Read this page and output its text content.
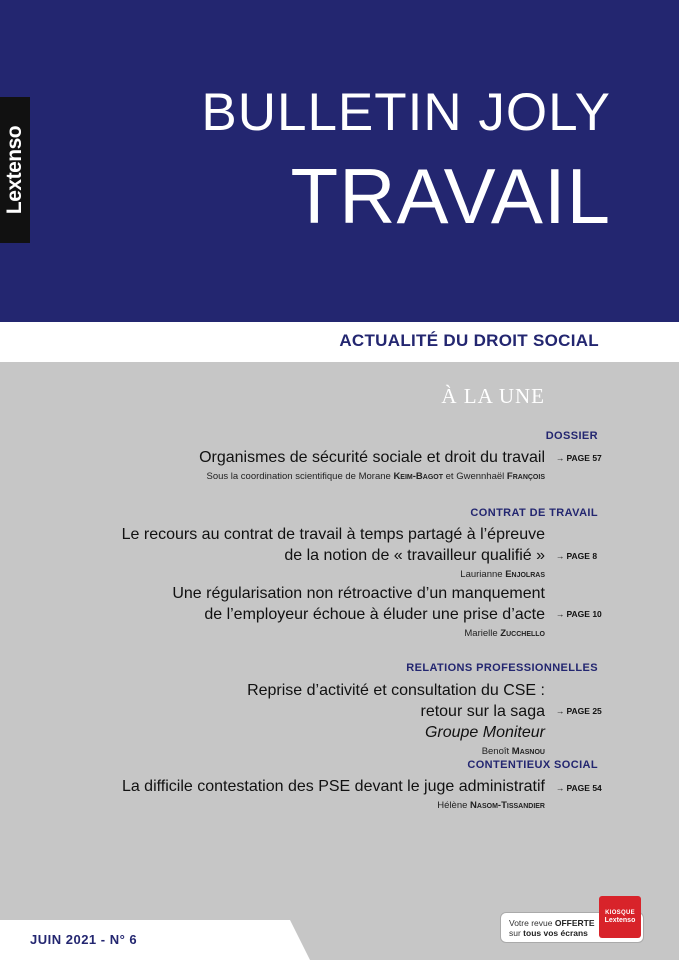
Lextenso
BULLETIN JOLY
TRAVAIL
ACTUALITÉ DU DROIT SOCIAL
À LA UNE
DOSSIER
Organismes de sécurité sociale et droit du travail
Sous la coordination scientifique de Morane Keim-Bagot et Gwennhaël François
→ PAGE 57
CONTRAT DE TRAVAIL
Le recours au contrat de travail à temps partagé à l’épreuve
de la notion de « travailleur qualifié »
Laurianne Enjolras
→ PAGE 8
Une régularisation non rétroactive d’un manquement
de l’employeur échoue à éluder une prise d’acte
Marielle Zucchello
→ PAGE 10
RELATIONS PROFESSIONNELLES
Reprise d’activité et consultation du CSE :
retour sur la saga
Groupe Moniteur
Benoît Masnou
→ PAGE 25
CONTENTIEUX SOCIAL
La difficile contestation des PSE devant le juge administratif
Hélène Nasom-Tissandier
→ PAGE 54
JUIN 2021 - N° 6
Votre revue OFFERTE
sur tous vos écrans
KIOSQUE
Lextenso
